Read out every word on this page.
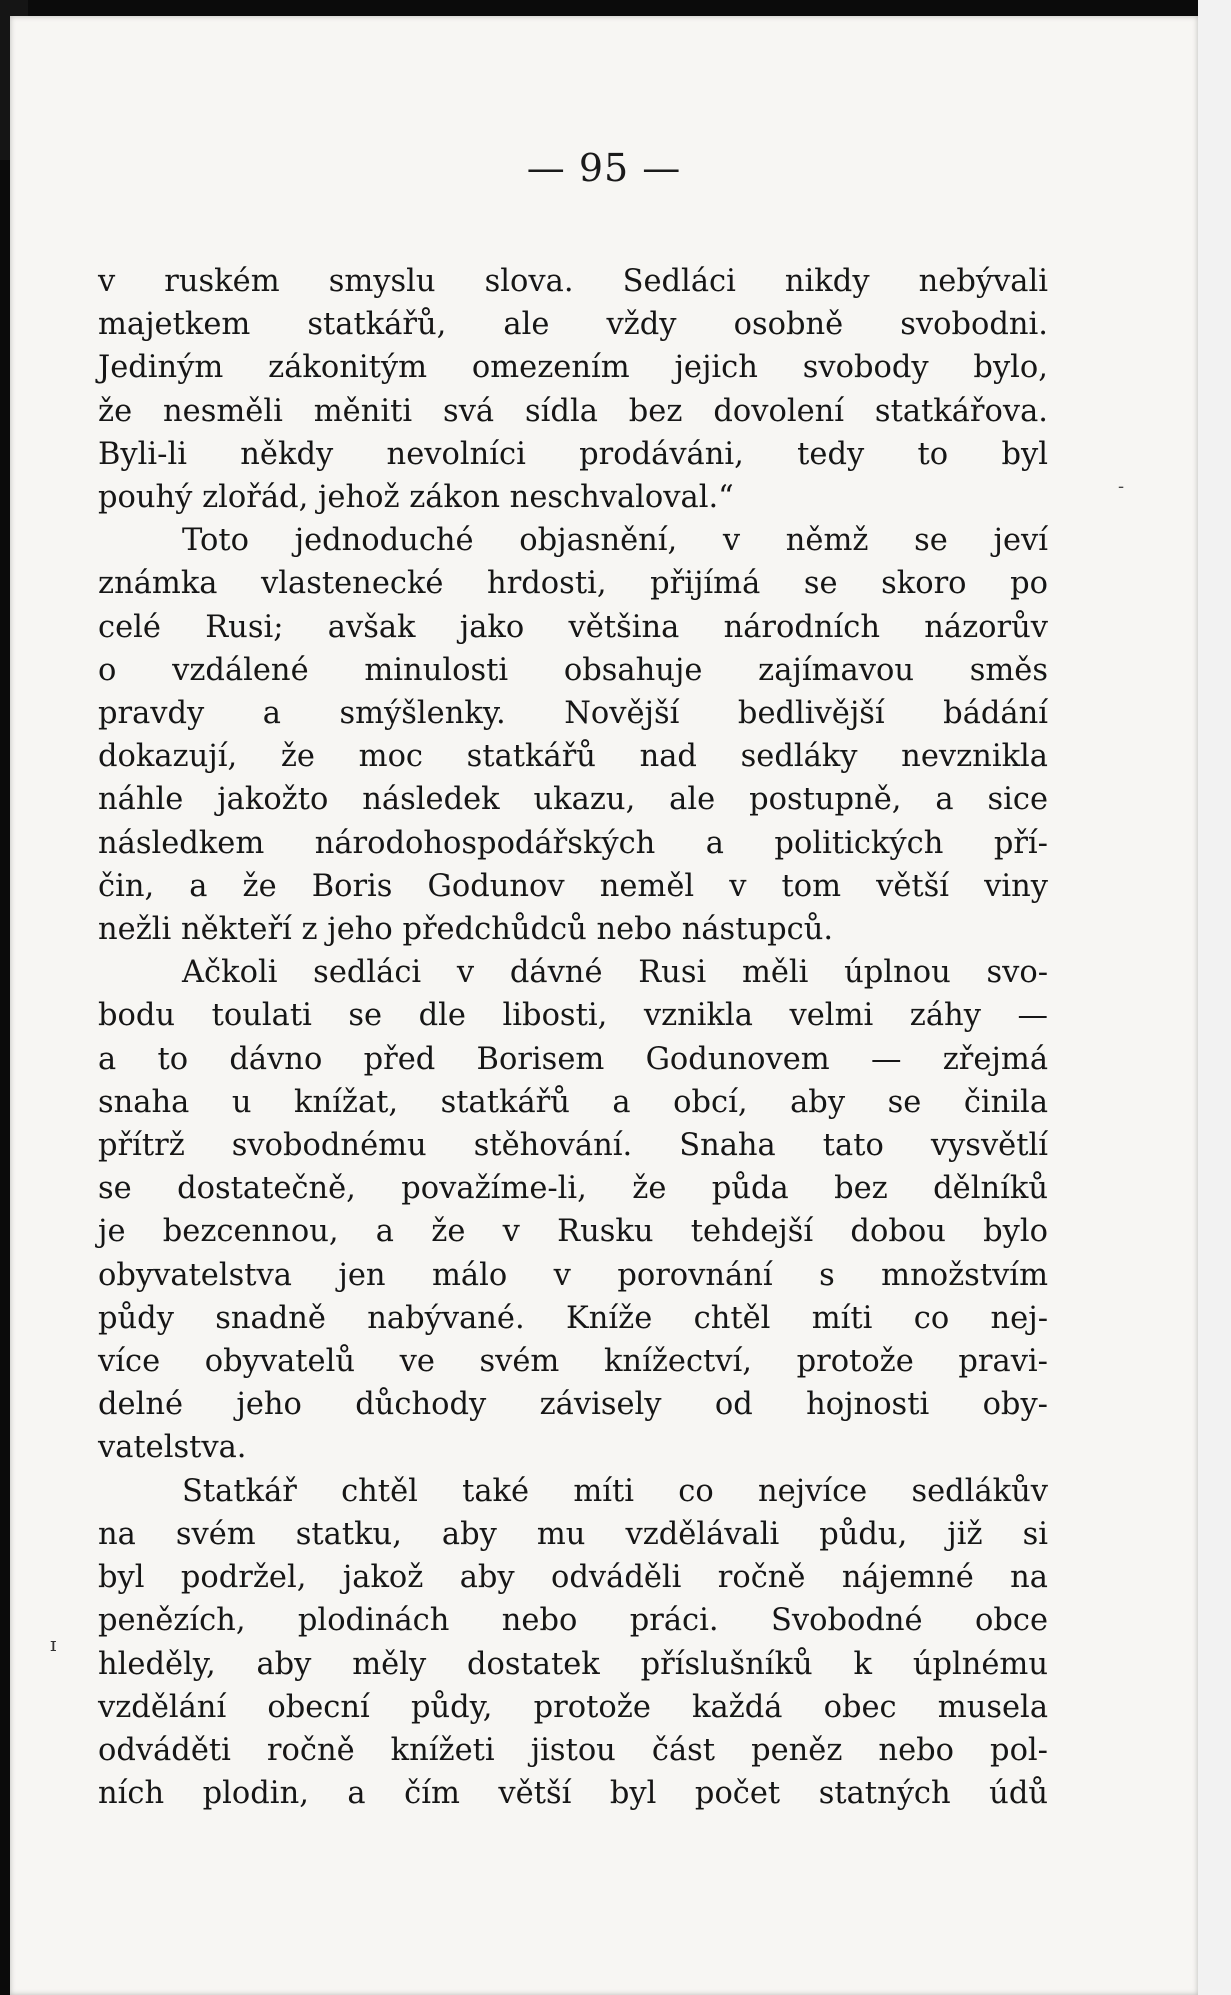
— 95 —
v ruském smyslu slova. Sedláci nikdy nebývali
majetkem statkářů, ale vždy osobně svobodni.
Jediným zákonitým omezením jejich svobody bylo,
že nesměli měniti svá sídla bez dovolení statkářova.
Byli-li někdy nevolníci prodáváni, tedy to byl
pouhý zlořád, jehož zákon neschvaloval.“
Toto jednoduché objasnění, v němž se jeví
známka vlastenecké hrdosti, přijímá se skoro po
celé Rusi; avšak jako většina národních názorův
o vzdálené minulosti obsahuje zajímavou směs
pravdy a smýšlenky. Novější bedlivější bádání
dokazují, že moc statkářů nad sedláky nevznikla
náhle jakožto následek ukazu, ale postupně, a sice
následkem národohospodářských a politických pří-
čin, a že Boris Godunov neměl v tom větší viny
nežli někteří z jeho předchůdců nebo nástupců.
Ačkoli sedláci v dávné Rusi měli úplnou svo-
bodu toulati se dle libosti, vznikla velmi záhy —
a to dávno před Borisem Godunovem — zřejmá
snaha u knížat, statkářů a obcí, aby se činila
přítrž svobodnému stěhování. Snaha tato vysvětlí
se dostatečně, považíme-li, že půda bez dělníků
je bezcennou, a že v Rusku tehdejší dobou bylo
obyvatelstva jen málo v porovnání s množstvím
půdy snadně nabývané. Kníže chtěl míti co nej-
více obyvatelů ve svém knížectví, protože pravi-
delné jeho důchody závisely od hojnosti oby-
vatelstva.
Statkář chtěl také míti co nejvíce sedlákův
na svém statku, aby mu vzdělávali půdu, již si
byl podržel, jakož aby odváděli ročně nájemné na
penězích, plodinách nebo práci. Svobodné obce
hleděly, aby měly dostatek příslušníků k úplnému
vzdělání obecní půdy, protože každá obec musela
odváděti ročně knížeti jistou část peněz nebo pol-
ních plodin, a čím větší byl počet statných údů
ɪ
-
